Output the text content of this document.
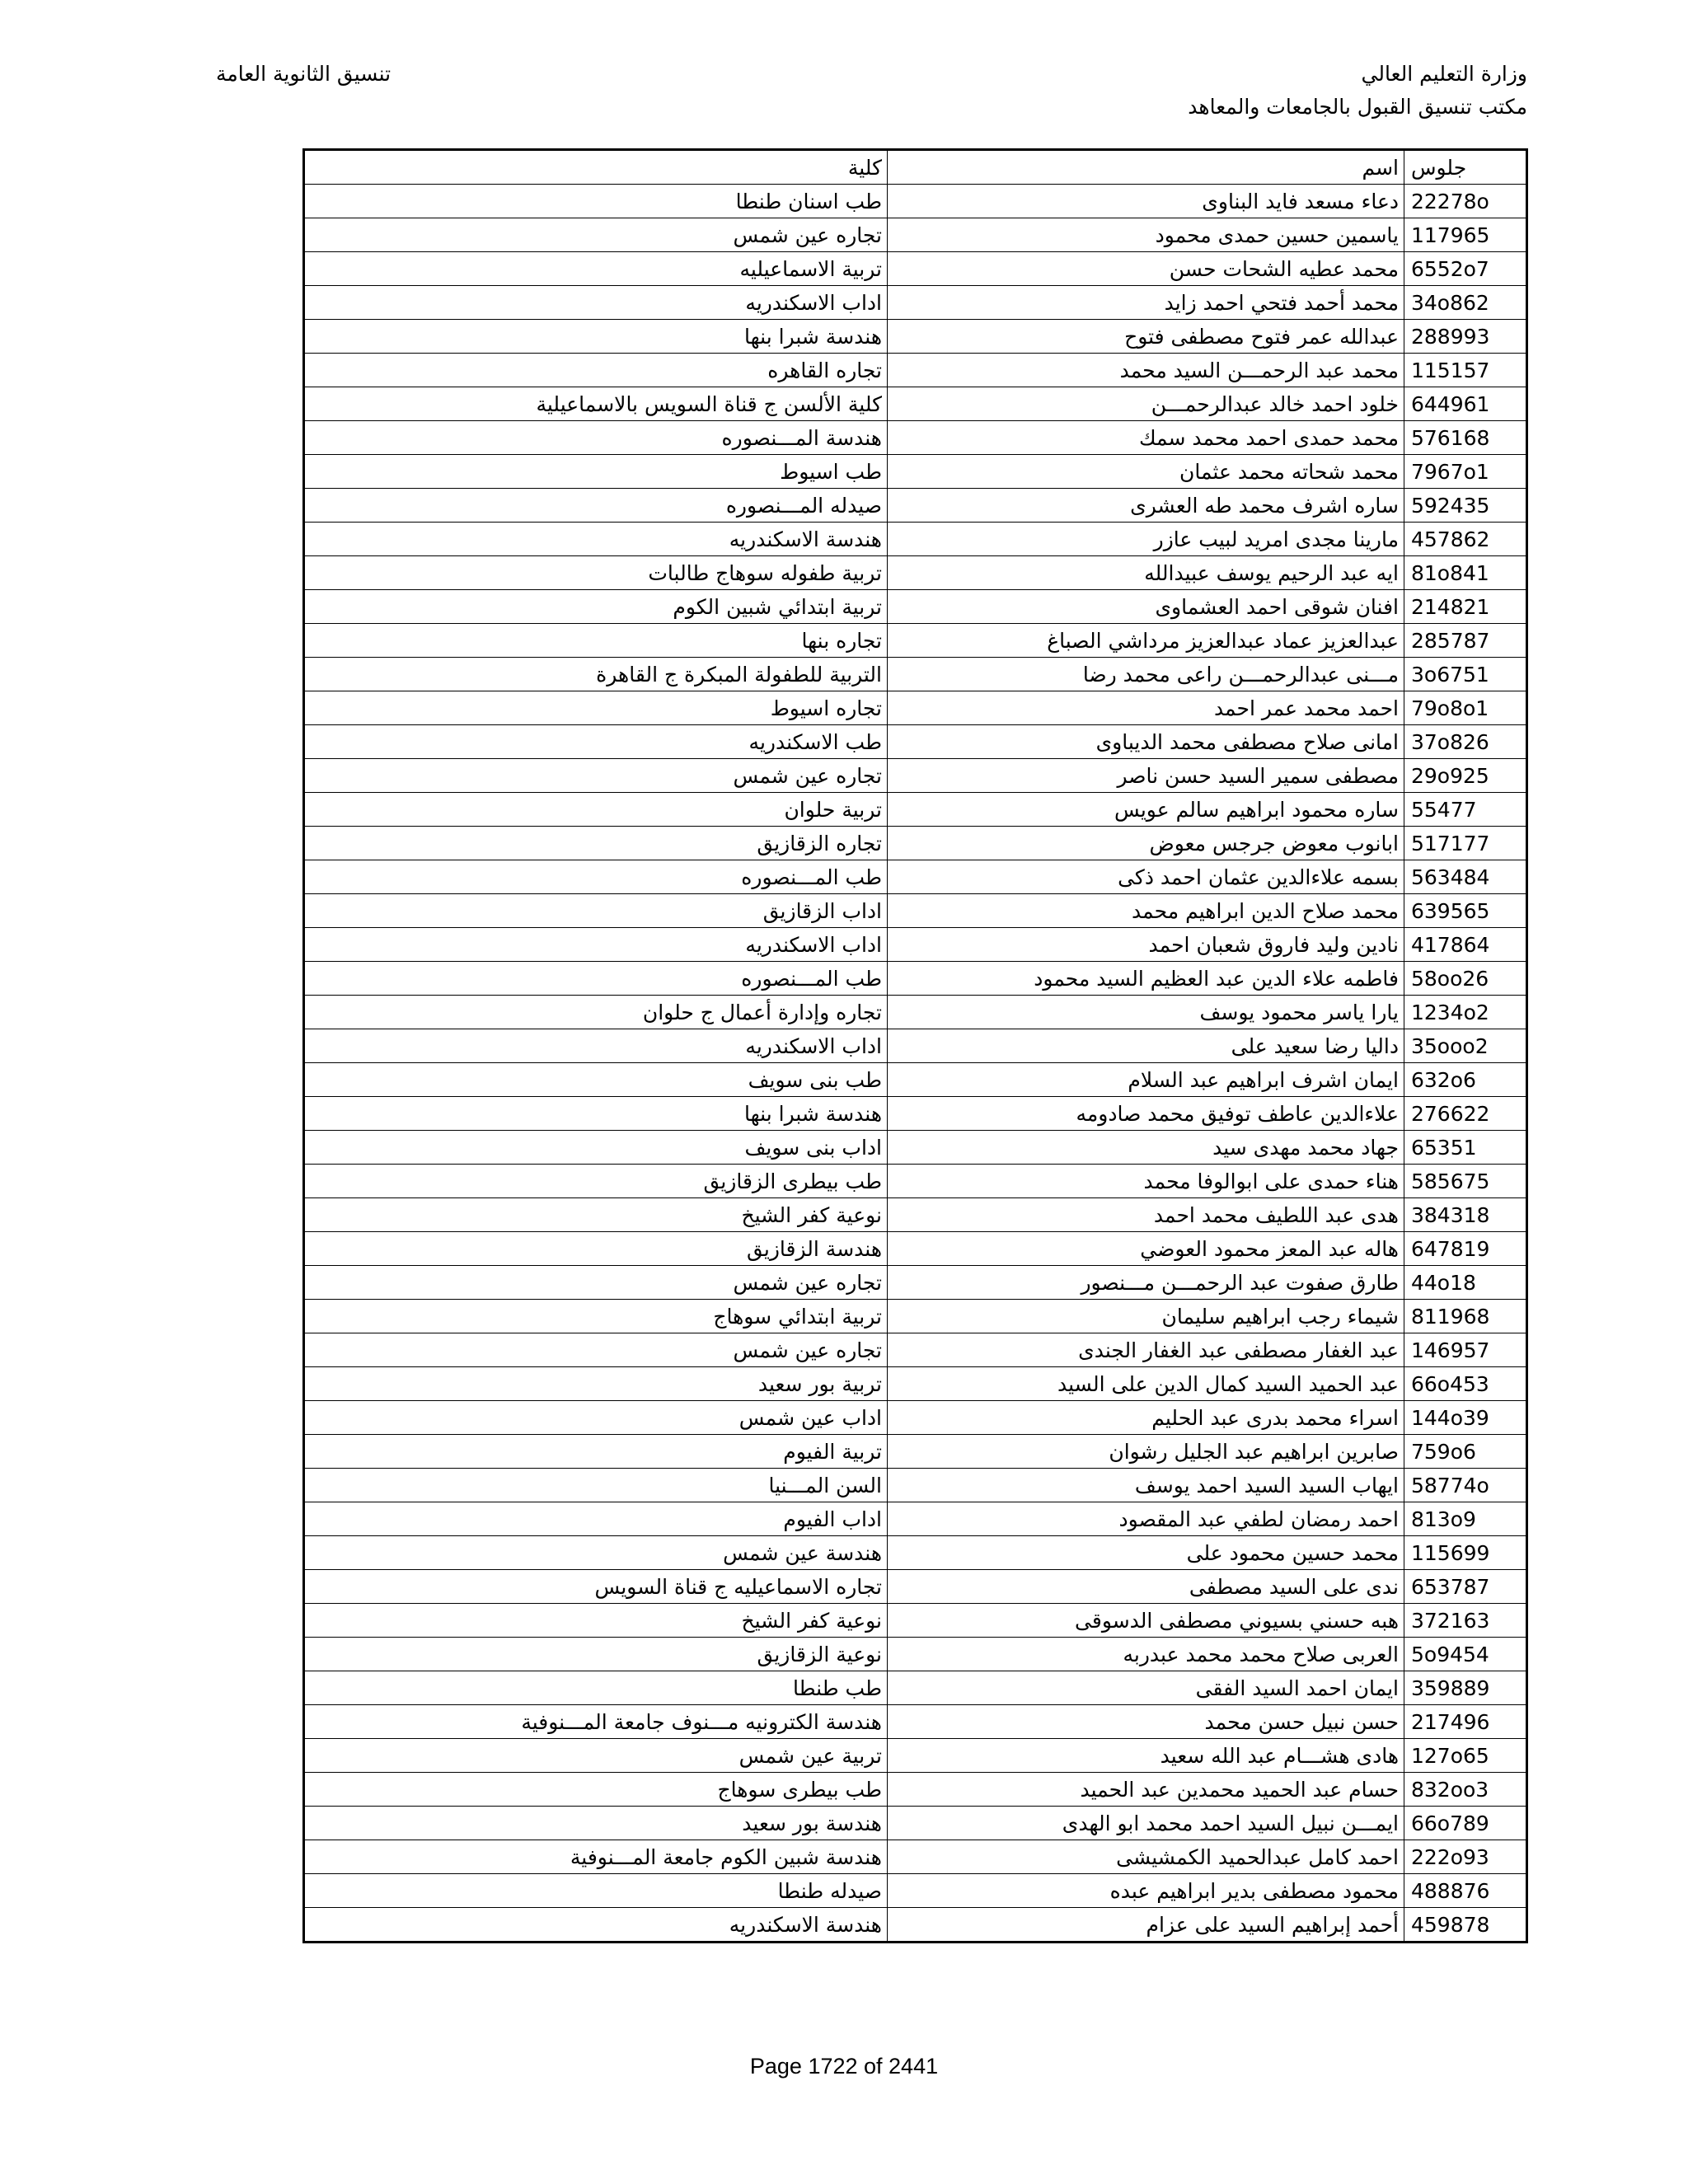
وزارة التعليم العالي
مكتب تنسيق القبول بالجامعات والمعاهد
تنسيق الثانوية العامة
جلوس	اسم	كلية
22278o	دعاء مسعد فايد البناوى	طب اسنان طنطا
117965	ياسمين حسين حمدى محمود	تجاره عين شمس
6552o7	محمد عطيه الشحات حسن	تربية الاسماعيليه
34o862	محمد أحمد فتحي احمد زايد	اداب الاسكندريه
288993	عبدالله عمر فتوح مصطفى فتوح	هندسة شبرا بنها
115157	محمد عبد الرحمـــن السيد محمد	تجاره القاهره
644961	خلود احمد خالد عبدالرحمـــن	كلية الألسن ج قناة السويس بالاسماعيلية
576168	محمد حمدى احمد محمد سمك	هندسة المـــنصوره
7967o1	محمد شحاته محمد عثمان	طب اسيوط
592435	ساره اشرف محمد طه العشرى	صيدله المـــنصوره
457862	مارينا مجدى امريد لبيب عازر	هندسة الاسكندريه
81o841	ايه عبد الرحيم يوسف عبيدالله	تربية طفوله سوهاج طالبات
214821	افنان شوقى احمد العشماوى	تربية ابتدائي شبين الكوم
285787	عبدالعزيز عماد عبدالعزيز مرداشي الصباغ	تجاره بنها
3o6751	مـــنى عبدالرحمـــن راعى محمد رضا	التربية للطفولة المبكرة ج القاهرة
79o8o1	احمد محمد عمر احمد	تجاره اسيوط
37o826	امانى صلاح مصطفى محمد الديباوى	طب الاسكندريه
29o925	مصطفى سمير السيد حسن ناصر	تجاره عين شمس
55477	ساره محمود ابراهيم سالم عويس	تربية حلوان
517177	ابانوب معوض جرجس معوض	تجاره الزقازيق
563484	بسمه علاءالدين عثمان احمد ذكى	طب المـــنصوره
639565	محمد صلاح الدين ابراهيم محمد	اداب الزقازيق
417864	نادين وليد فاروق شعبان احمد	اداب الاسكندريه
58oo26	فاطمه علاء الدين عبد العظيم السيد محمود	طب المـــنصوره
1234o2	يارا ياسر محمود يوسف	تجاره وإدارة أعمال ج حلوان
35ooo2	داليا رضا سعيد على	اداب الاسكندريه
632o6	ايمان اشرف ابراهيم عبد السلام	طب بنى سويف
276622	علاءالدين عاطف توفيق محمد صادومه	هندسة شبرا بنها
65351	جهاد محمد مهدى سيد	اداب بنى سويف
585675	هناء حمدى على ابوالوفا محمد	طب بيطرى الزقازيق
384318	هدى عبد اللطيف محمد احمد	نوعية كفر الشيخ
647819	هاله عبد المعز محمود العوضي	هندسة الزقازيق
44o18	طارق صفوت عبد الرحمـــن مـــنصور	تجاره عين شمس
811968	شيماء رجب ابراهيم سليمان	تربية ابتدائي سوهاج
146957	عبد الغفار مصطفى عبد الغفار الجندى	تجاره عين شمس
66o453	عبد الحميد السيد كمال الدين على السيد	تربية بور سعيد
144o39	اسراء محمد بدرى عبد الحليم	اداب عين شمس
759o6	صابرين ابراهيم عبد الجليل رشوان	تربية الفيوم
58774o	ايهاب السيد السيد احمد يوسف	السن المـــنيا
813o9	احمد رمضان لطفي عبد المقصود	اداب الفيوم
115699	محمد حسين محمود على	هندسة عين شمس
653787	ندى على السيد مصطفى	تجاره الاسماعيليه ج قناة السويس
372163	هبه حسني بسيوني مصطفى الدسوقى	نوعية كفر الشيخ
5o9454	العربى صلاح محمد محمد عبدربه	نوعية الزقازيق
359889	ايمان احمد السيد الفقى	طب طنطا
217496	حسن نبيل حسن محمد	هندسة الكترونيه مـــنوف جامعة المـــنوفية
127o65	هادى هشـــام عبد الله سعيد	تربية عين شمس
832oo3	حسام عبد الحميد محمدين عبد الحميد	طب بيطرى سوهاج
66o789	ايمـــن نبيل السيد احمد محمد ابو الهدى	هندسة بور سعيد
222o93	احمد كامل عبدالحميد الكمشيشى	هندسة شبين الكوم جامعة المـــنوفية
488876	محمود مصطفى بدير ابراهيم عبده	صيدله طنطا
459878	أحمد إبراهيم السيد على عزام	هندسة الاسكندريه
Page 1722 of 2441
